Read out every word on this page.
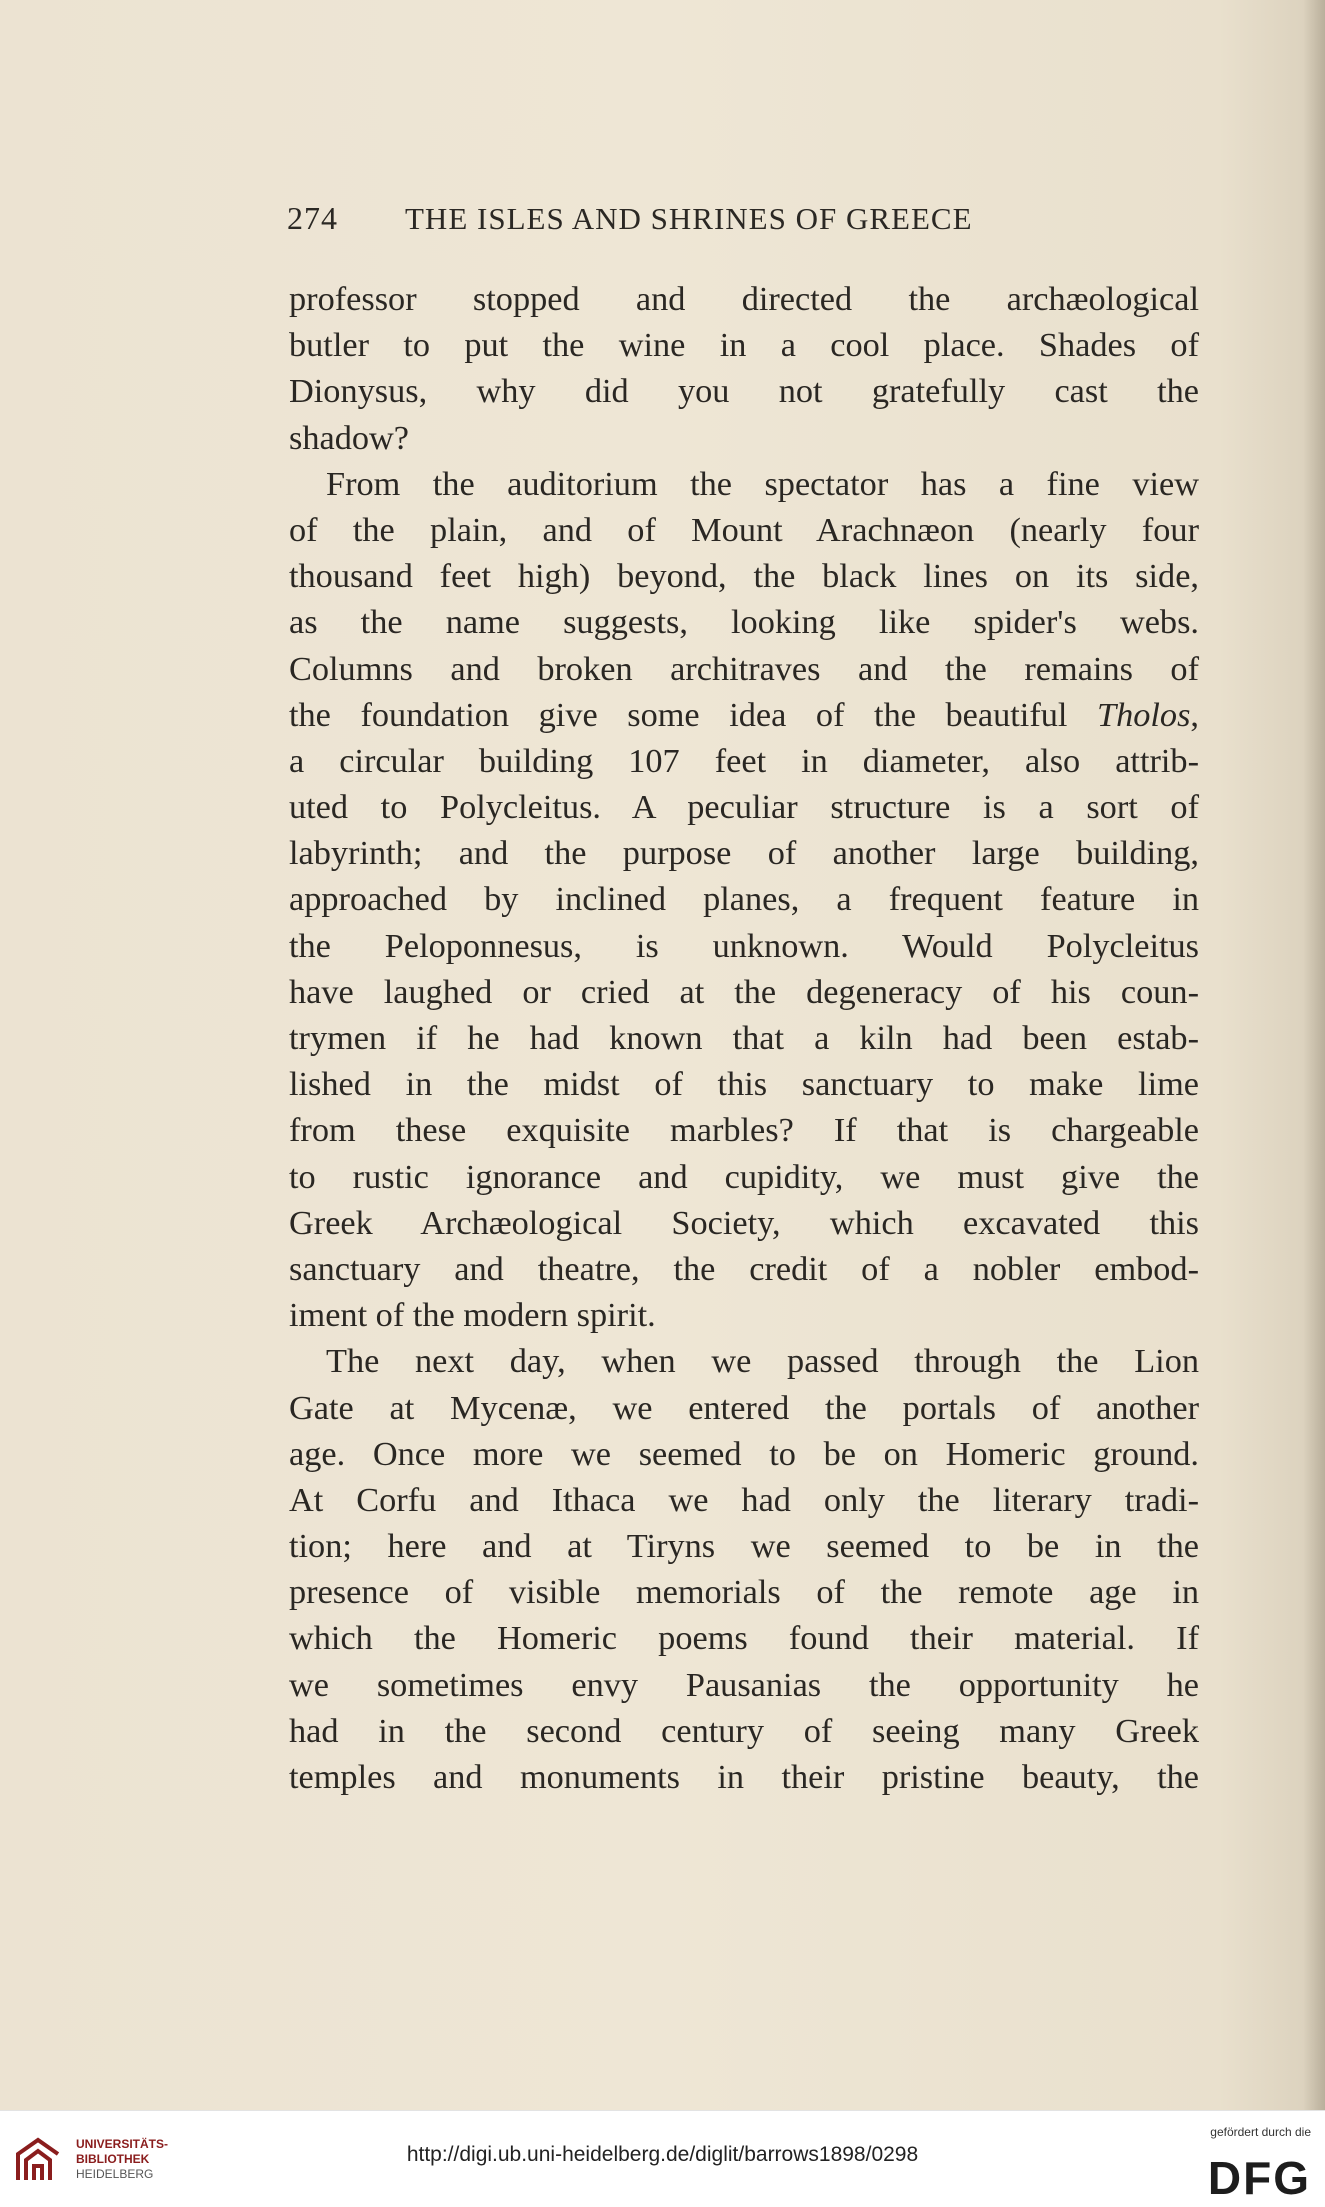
274 THE ISLES AND SHRINES OF GREECE
professor stopped and directed the archæological
butler to put the wine in a cool place. Shades of
Dionysus, why did you not gratefully cast the
shadow?
From the auditorium the spectator has a fine view
of the plain, and of Mount Arachnæon (nearly four
thousand feet high) beyond, the black lines on its side,
as the name suggests, looking like spider's webs.
Columns and broken architraves and the remains of
the foundation give some idea of the beautiful Tholos,
a circular building 107 feet in diameter, also attrib-
uted to Polycleitus. A peculiar structure is a sort of
labyrinth; and the purpose of another large building,
approached by inclined planes, a frequent feature in
the Peloponnesus, is unknown. Would Polycleitus
have laughed or cried at the degeneracy of his coun-
trymen if he had known that a kiln had been estab-
lished in the midst of this sanctuary to make lime
from these exquisite marbles? If that is chargeable
to rustic ignorance and cupidity, we must give the
Greek Archæological Society, which excavated this
sanctuary and theatre, the credit of a nobler embod-
iment of the modern spirit.
The next day, when we passed through the Lion
Gate at Mycenæ, we entered the portals of another
age. Once more we seemed to be on Homeric ground.
At Corfu and Ithaca we had only the literary tradi-
tion; here and at Tiryns we seemed to be in the
presence of visible memorials of the remote age in
which the Homeric poems found their material. If
we sometimes envy Pausanias the opportunity he
had in the second century of seeing many Greek
temples and monuments in their pristine beauty, the
UNIVERSITÄTS-
BIBLIOTHEK
HEIDELBERG
http://digi.ub.uni-heidelberg.de/diglit/barrows1898/0298
gefördert durch die
DFG
